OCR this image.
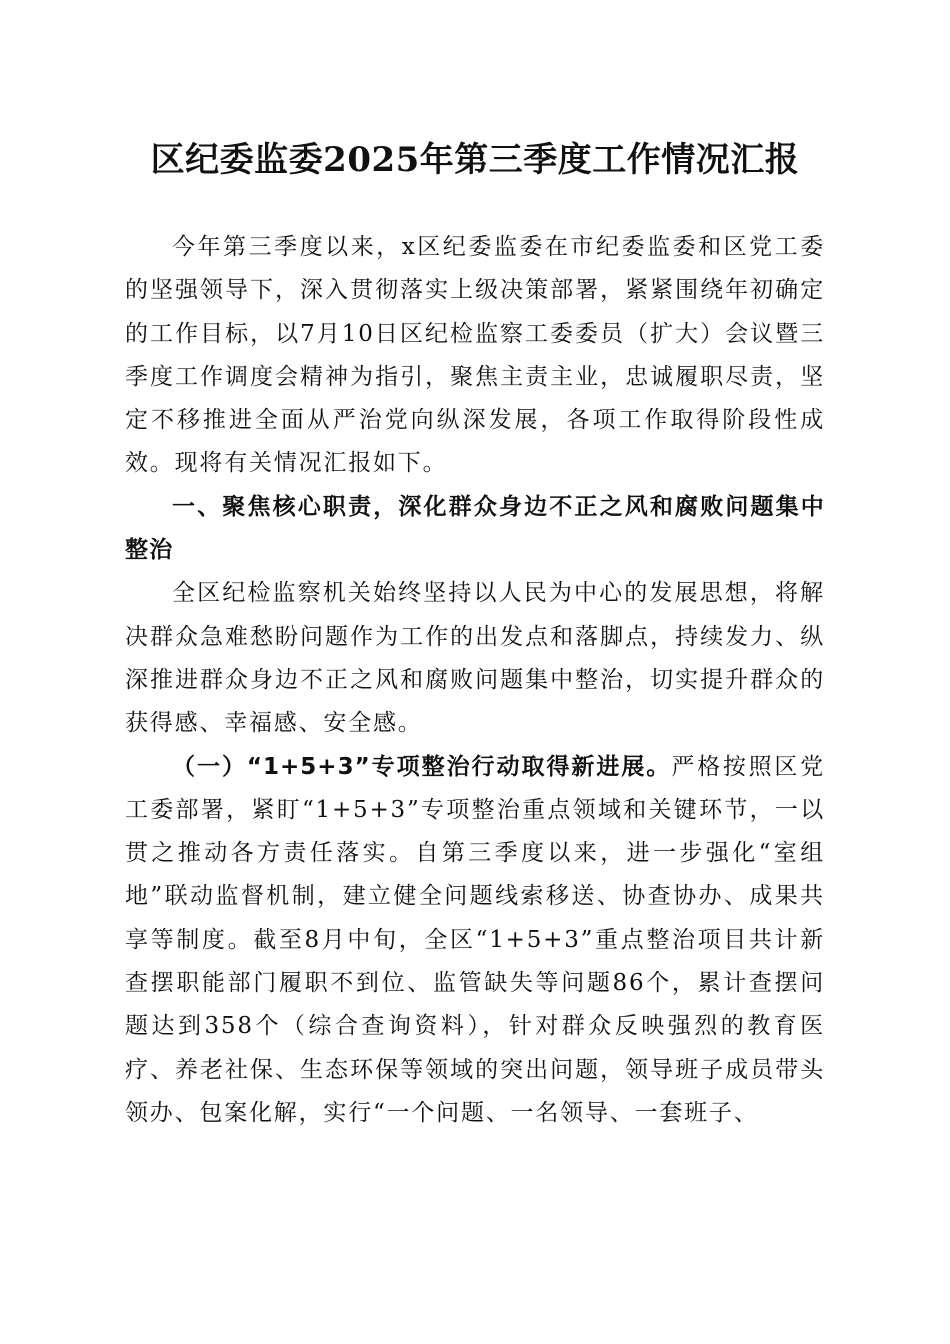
区纪委监委2025年第三季度工作情况汇报

今年第三季度以来，x区纪委监委在市纪委监委和区党工委的坚强领导下，深入贯彻落实上级决策部署，紧紧围绕年初确定的工作目标，以7月10日区纪检监察工委委员（扩大）会议暨三季度工作调度会精神为指引，聚焦主责主业，忠诚履职尽责，坚定不移推进全面从严治党向纵深发展，各项工作取得阶段性成效。现将有关情况汇报如下。

一、聚焦核心职责，深化群众身边不正之风和腐败问题集中整治

全区纪检监察机关始终坚持以人民为中心的发展思想，将解决群众急难愁盼问题作为工作的出发点和落脚点，持续发力、纵深推进群众身边不正之风和腐败问题集中整治，切实提升群众的获得感、幸福感、安全感。

（一）“1+5+3”专项整治行动取得新进展。严格按照区党工委部署，紧盯“1+5+3”专项整治重点领域和关键环节，一以贯之推动各方责任落实。自第三季度以来，进一步强化“室组地”联动监督机制，建立健全问题线索移送、协查协办、成果共享等制度。截至8月中旬，全区“1+5+3”重点整治项目共计新查摆职能部门履职不到位、监管缺失等问题86个，累计查摆问题达到358个（综合查询资料），针对群众反映强烈的教育医疗、养老社保、生态环保等领域的突出问题，领导班子成员带头领办、包案化解，实行“一个问题、一名领导、一套班子、
